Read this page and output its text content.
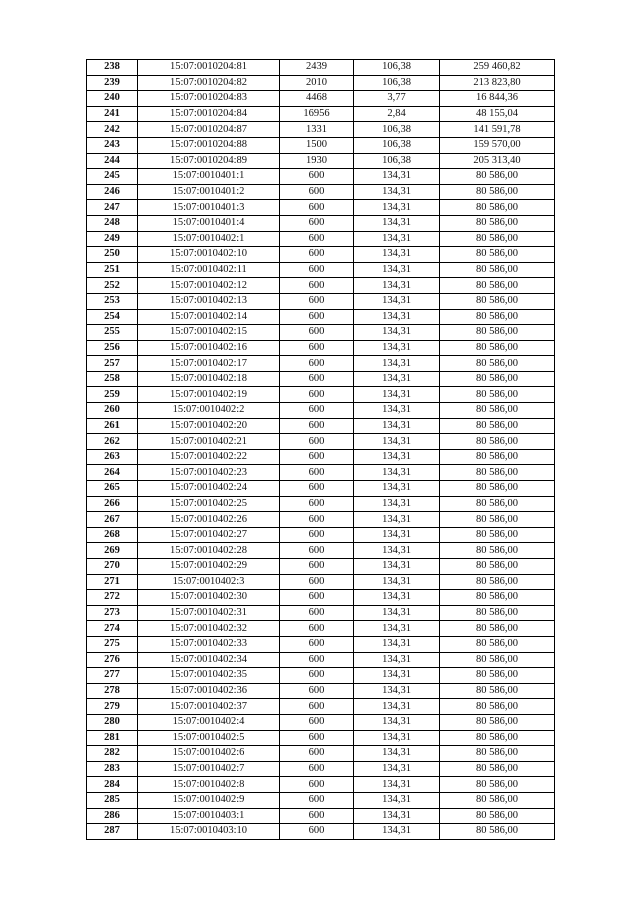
238	15:07:0010204:81	2439	106,38	259 460,82
239	15:07:0010204:82	2010	106,38	213 823,80
240	15:07:0010204:83	4468	3,77	16 844,36
241	15:07:0010204:84	16956	2,84	48 155,04
242	15:07:0010204:87	1331	106,38	141 591,78
243	15:07:0010204:88	1500	106,38	159 570,00
244	15:07:0010204:89	1930	106,38	205 313,40
245	15:07:0010401:1	600	134,31	80 586,00
246	15:07:0010401:2	600	134,31	80 586,00
247	15:07:0010401:3	600	134,31	80 586,00
248	15:07:0010401:4	600	134,31	80 586,00
249	15:07:0010402:1	600	134,31	80 586,00
250	15:07:0010402:10	600	134,31	80 586,00
251	15:07:0010402:11	600	134,31	80 586,00
252	15:07:0010402:12	600	134,31	80 586,00
253	15:07:0010402:13	600	134,31	80 586,00
254	15:07:0010402:14	600	134,31	80 586,00
255	15:07:0010402:15	600	134,31	80 586,00
256	15:07:0010402:16	600	134,31	80 586,00
257	15:07:0010402:17	600	134,31	80 586,00
258	15:07:0010402:18	600	134,31	80 586,00
259	15:07:0010402:19	600	134,31	80 586,00
260	15:07:0010402:2	600	134,31	80 586,00
261	15:07:0010402:20	600	134,31	80 586,00
262	15:07:0010402:21	600	134,31	80 586,00
263	15:07:0010402:22	600	134,31	80 586,00
264	15:07:0010402:23	600	134,31	80 586,00
265	15:07:0010402:24	600	134,31	80 586,00
266	15:07:0010402:25	600	134,31	80 586,00
267	15:07:0010402:26	600	134,31	80 586,00
268	15:07:0010402:27	600	134,31	80 586,00
269	15:07:0010402:28	600	134,31	80 586,00
270	15:07:0010402:29	600	134,31	80 586,00
271	15:07:0010402:3	600	134,31	80 586,00
272	15:07:0010402:30	600	134,31	80 586,00
273	15:07:0010402:31	600	134,31	80 586,00
274	15:07:0010402:32	600	134,31	80 586,00
275	15:07:0010402:33	600	134,31	80 586,00
276	15:07:0010402:34	600	134,31	80 586,00
277	15:07:0010402:35	600	134,31	80 586,00
278	15:07:0010402:36	600	134,31	80 586,00
279	15:07:0010402:37	600	134,31	80 586,00
280	15:07:0010402:4	600	134,31	80 586,00
281	15:07:0010402:5	600	134,31	80 586,00
282	15:07:0010402:6	600	134,31	80 586,00
283	15:07:0010402:7	600	134,31	80 586,00
284	15:07:0010402:8	600	134,31	80 586,00
285	15:07:0010402:9	600	134,31	80 586,00
286	15:07:0010403:1	600	134,31	80 586,00
287	15:07:0010403:10	600	134,31	80 586,00
